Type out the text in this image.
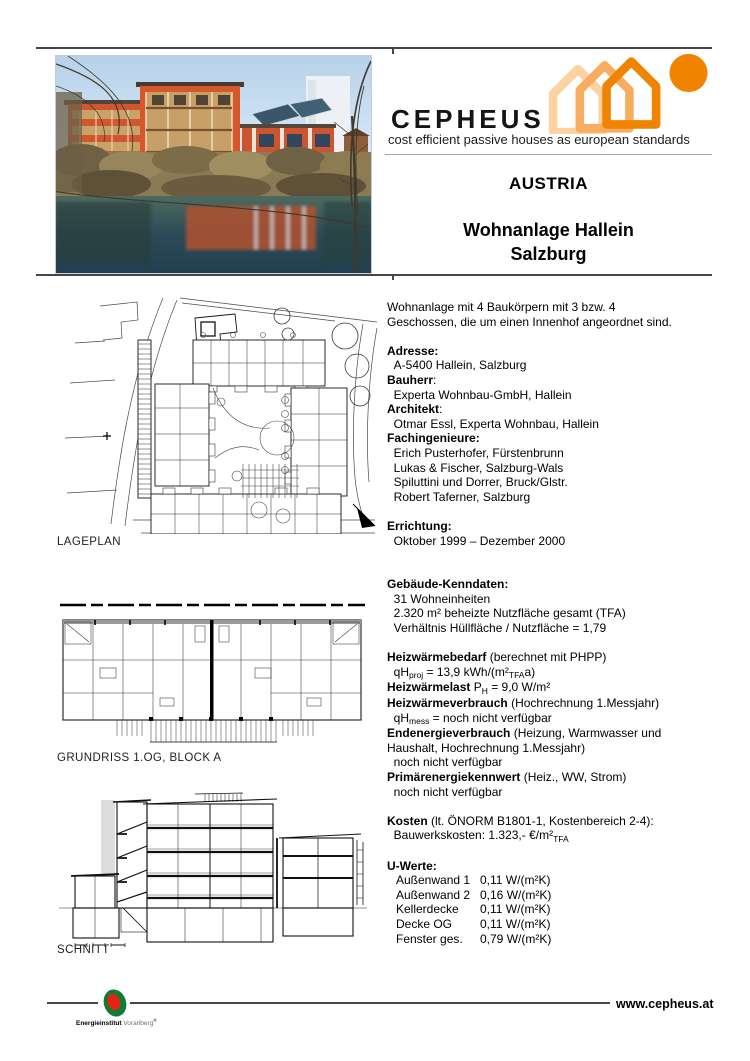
CEPHEUS
cost efficient passive houses as european standards
AUSTRIA
Wohnanlage Hallein
Salzburg
LAGEPLAN
GRUNDRISS 1.OG, BLOCK A
SCHNITT
Wohnanlage mit 4 Baukörpern mit 3 bzw. 4
Geschossen, die um einen Innenhof angeordnet sind.

Adresse:
A-5400 Hallein, Salzburg
Bauherr:
Experta Wohnbau-GmbH, Hallein
Architekt:
Otmar Essl, Experta Wohnbau, Hallein
Fachingenieure:
Erich Pusterhofer, Fürstenbrunn
Lukas & Fischer, Salzburg-Wals
Spiluttini und Dorrer, Bruck/Glstr.
Robert Taferner, Salzburg

Errichtung:
Oktober 1999 – Dezember 2000

Gebäude-Kenndaten:
31 Wohneinheiten
2.320 m² beheizte Nutzfläche gesamt (TFA)
Verhältnis Hüllfläche / Nutzfläche = 1,79

Heizwärmebedarf (berechnet mit PHPP)
$qH_{proj} = 13,9$ kWh/$(m^2_{TFA}a)$
Heizwärmelast $P_H = 9,0$ W/m²
Heizwärmeverbrauch (Hochrechnung 1.Messjahr)
$qH_{mess}$ = noch nicht verfügbar
Endenergieverbrauch (Heizung, Warmwasser und
Haushalt, Hochrechnung 1.Messjahr)
noch nicht verfügbar
Primärenergiekennwert (Heiz., WW, Strom)
noch nicht verfügbar

Kosten (lt. ÖNORM B1801-1, Kostenbereich 2-4):
Bauwerkskosten: 1.323,- $€/m^2_{TFA}$

U-Werte:
Außenwand 1 0,11 W/(m²K)
Außenwand 2 0,16 W/(m²K)
Kellerdecke	0,11 W/(m²K)
Decke OG	0,11 W/(m²K)
Fenster ges.	0,79 W/(m²K)
Energieinstitut Vorarlberg®
www.cepheus.at
